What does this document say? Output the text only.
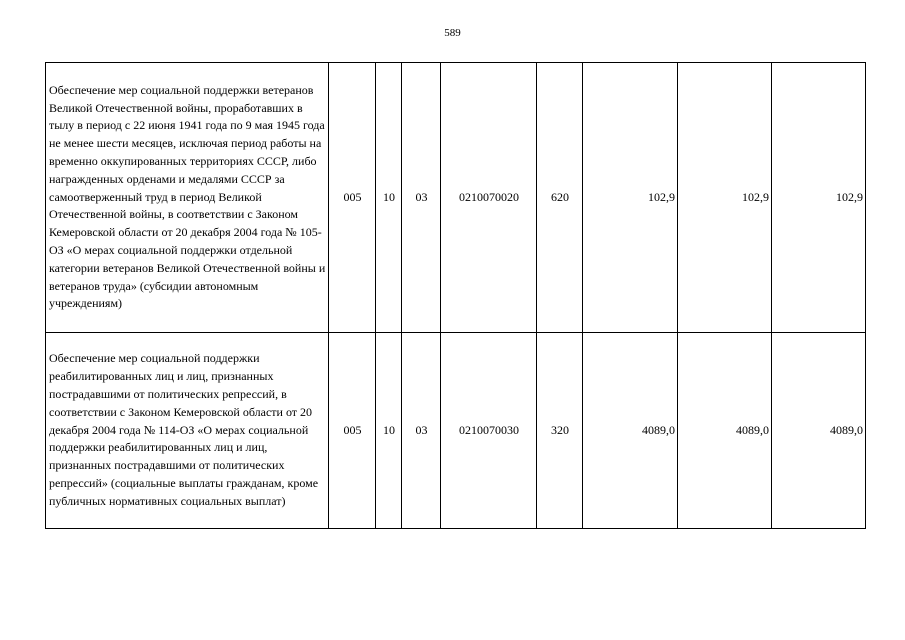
589
Обеспечение мер социальной поддержки ветеранов Великой Отечественной войны, проработавших в тылу в период с 22 июня 1941 года по 9 мая 1945 года не менее шести месяцев, исключая период работы на временно оккупированных территориях СССР, либо награжденных орденами и медалями СССР за самоотверженный труд в период Великой Отечественной войны, в соответствии с Законом Кемеровской области от 20 декабря 2004 года № 105-ОЗ «О мерах социальной поддержки отдельной категории ветеранов Великой Отечественной войны и ветеранов труда» (субсидии автономным учреждениям)	005	10	03	0210070020	620	102,9	102,9	102,9
Обеспечение мер социальной поддержки реабилитированных лиц и лиц, признанных пострадавшими от политических репрессий, в соответствии с Законом Кемеровской области от 20 декабря 2004 года № 114-ОЗ «О мерах социальной поддержки реабилитированных лиц и лиц, признанных пострадавшими от политических репрессий» (социальные выплаты гражданам, кроме публичных нормативных социальных выплат)	005	10	03	0210070030	320	4089,0	4089,0	4089,0
